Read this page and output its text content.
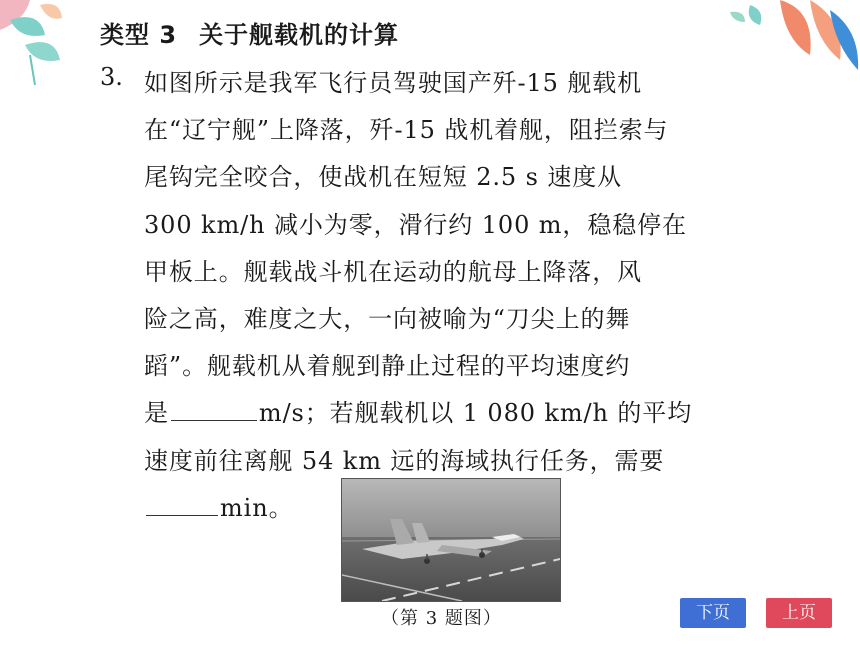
类型 3 关于舰载机的计算
3. 如图所示是我军飞行员驾驶国产歼-15 舰载机
在“辽宁舰”上降落，歼-15 战机着舰，阻拦索与
尾钩完全咬合，使战机在短短 2.5 s 速度从
300 km/h 减小为零，滑行约 100 m，稳稳停在
甲板上。舰载战斗机在运动的航母上降落，风
险之高，难度之大，一向被喻为“刀尖上的舞
蹈”。舰载机从着舰到静止过程的平均速度约
是	m/s；若舰载机以 1 080 km/h 的平均
速度前往离舰 54 km 远的海域执行任务，需要
min。
（第 3 题图）	下页	上页
